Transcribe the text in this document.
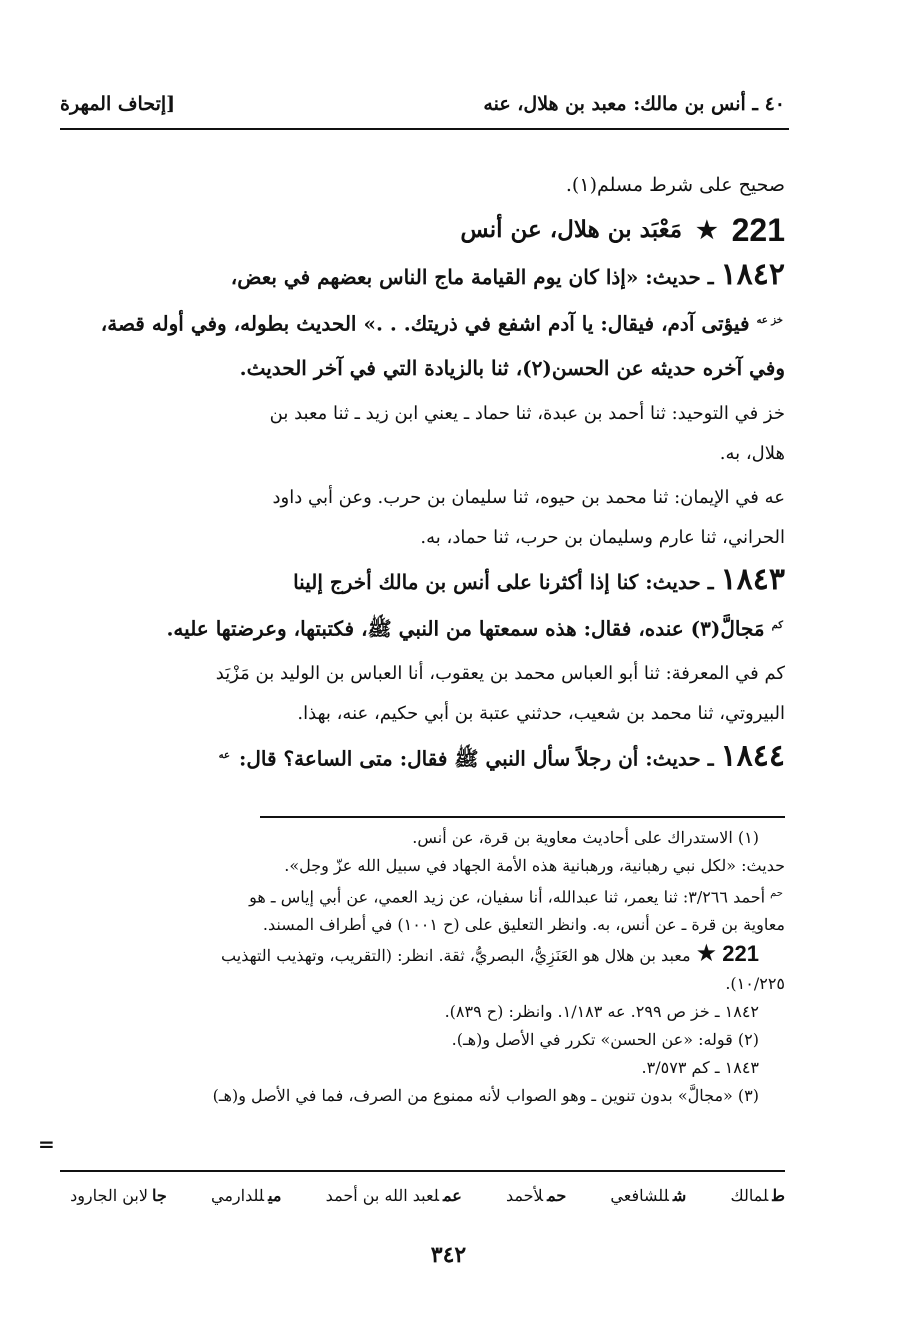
٤٠ ـ أنس بن مالك: معبد بن هلال، عنه
[إتحاف المهرة
صحيح على شرط مسلم(١).
221
★
مَعْبَد بن هلال، عن أنس
١٨٤٢ ـ حديث: «إذا كان يوم القيامة ماج الناس بعضهم في بعض،
$^{خز عه}$ فيؤتى آدم، فيقال: يا آدم اشفع في ذريتك. . .» الحديث بطوله، وفي أوله قصة،
وفي آخره حديثه عن الحسن(٢)، ثنا بالزيادة التي في آخر الحديث.
خز في التوحيد: ثنا أحمد بن عبدة، ثنا حماد ـ يعني ابن زيد ـ ثنا معبد بن
هلال، به.
عه في الإيمان: ثنا محمد بن حيوه، ثنا سليمان بن حرب. وعن أبي داود
الحراني، ثنا عارم وسليمان بن حرب، ثنا حماد، به.
١٨٤٣ ـ حديث: كنا إذا أكثرنا على أنس بن مالك أخرج إلينا
$^{كم}$ مَجالَّ(٣) عنده، فقال: هذه سمعتها من النبي ﷺ، فكتبتها، وعرضتها عليه.
كم في المعرفة: ثنا أبو العباس محمد بن يعقوب، أنا العباس بن الوليد بن مَزْيَد
البيروتي، ثنا محمد بن شعيب، حدثني عتبة بن أبي حكيم، عنه، بهذا.
١٨٤٤ ـ حديث: أن رجلاً سأل النبي ﷺ فقال: متى الساعة؟ قال: $^{عه}$
(١) الاستدراك على أحاديث معاوية بن قرة، عن أنس.
حديث: «لكل نبي رهبانية، ورهبانية هذه الأمة الجهاد في سبيل الله عزّ وجل».
$^{حم}$ أحمد ٣/٢٦٦: ثنا يعمر، ثنا عبدالله، أنا سفيان، عن زيد العمي، عن أبي إياس ـ هو
معاوية بن قرة ـ عن أنس، به. وانظر التعليق على (ح ١٠٠١) في أطراف المسند.
221 ★ معبد بن هلال هو العَنَزِيُّ، البصريُّ، ثقة. انظر: (التقريب، وتهذيب التهذيب
١٠/٢٢٥).
١٨٤٢ ـ خز ص ٢٩٩. عه ١/١٨٣. وانظر: (ح ٨٣٩).
(٢) قوله: «عن الحسن» تكرر في الأصل و(هـ).
١٨٤٣ ـ كم ٣/٥٧٣.
(٣) «مجالَّ» بدون تنوين ـ وهو الصواب لأنه ممنوع من الصرف، فما في الأصل و(هـ)
=
طلمالك
شللشافعي
حملأحمد
عملعبد الله بن أحمد
ميللدارمي
جالابن الجارود
٣٤٢
